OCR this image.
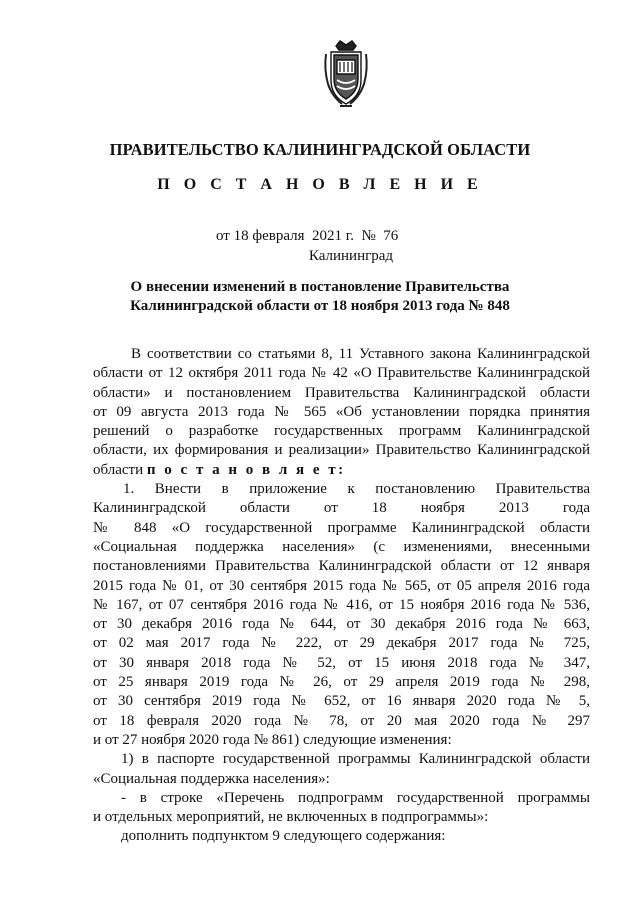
ПРАВИТЕЛЬСТВО КАЛИНИНГРАДСКОЙ ОБЛАСТИ
П О С Т А Н О В Л Е Н И Е
от 18 февраля  2021 г.  №  76
Калининград
О внесении изменений в постановление Правительства
Калининградской области от 18 ноября 2013 года № 848
В соответствии со статьями 8, 11 Уставного закона Калининградской
области от 12 октября 2011 года № 42 «О Правительстве Калининградской
области» и постановлением Правительства Калининградской области
от 09 августа 2013 года № 565 «Об установлении порядка принятия
решений о разработке государственных программ Калининградской
области, их формирования и реализации» Правительство Калининградской
области п о с т а н о в л я е т:
1. Внести в приложение к постановлению Правительства
Калининградской области от 18 ноября 2013 года
№ 848 «О государственной программе Калининградской области
«Социальная поддержка населения» (с изменениями, внесенными
постановлениями Правительства Калининградской области от 12 января
2015 года № 01, от 30 сентября 2015 года № 565, от 05 апреля 2016 года
№ 167, от 07 сентября 2016 года № 416, от 15 ноября 2016 года № 536,
от 30 декабря 2016 года № 644, от 30 декабря 2016 года № 663,
от 02 мая 2017 года № 222, от 29 декабря 2017 года № 725,
от 30 января 2018 года № 52, от 15 июня 2018 года № 347,
от 25 января 2019 года № 26, от 29 апреля 2019 года № 298,
от 30 сентября 2019 года № 652, от 16 января 2020 года № 5,
от 18 февраля 2020 года № 78, от 20 мая 2020 года № 297
и от 27 ноября 2020 года № 861) следующие изменения:
1) в паспорте государственной программы Калининградской области
«Социальная поддержка населения»:
- в строке «Перечень подпрограмм государственной программы
и отдельных мероприятий, не включенных в подпрограммы»:
дополнить подпунктом 9 следующего содержания:
